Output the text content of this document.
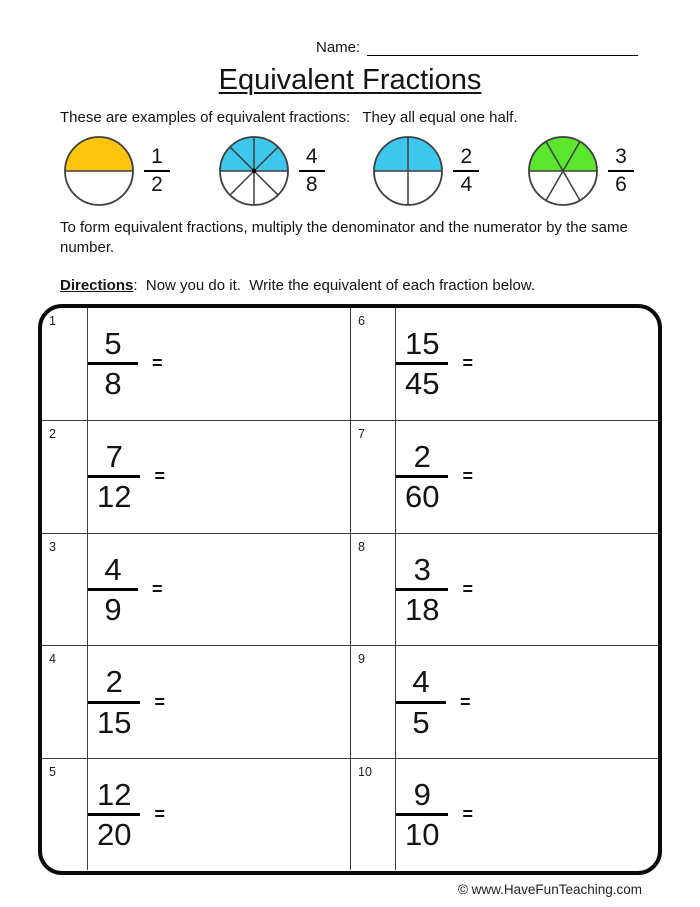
Name:
Equivalent Fractions
These are examples of equivalent fractions:   They all equal one half.
1
2
4
8
2
4
3
6
To form equivalent fractions, multiply the denominator and the numerator by the same number.
Directions:  Now you do it.  Write the equivalent of each fraction below.
1
$\frac{5}{8}$ =
6
$\frac{15}{45}$ =
2
$\frac{7}{12}$ =
7
$\frac{2}{60}$ =
3
$\frac{4}{9}$ =
8
$\frac{3}{18}$ =
4
$\frac{2}{15}$ =
9
$\frac{4}{5}$ =
5
$\frac{12}{20}$ =
10
$\frac{9}{10}$ =
© www.HaveFunTeaching.com
